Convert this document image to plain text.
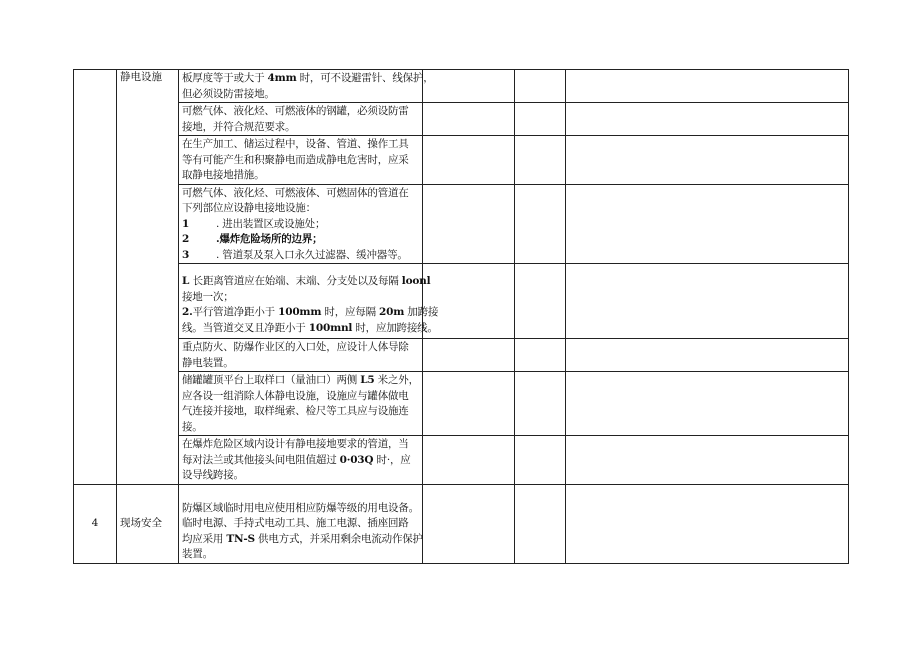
	静电设施	板厚度等于或大于 4mm 时，可不设避雷针、线保护，
但必须设防雷接地。			

		可燃气体、液化烃、可燃液体的钢罐，必须设防雷
接地，并符合规范要求。			

		在生产加工、储运过程中，设备、管道、操作工具
等有可能产生和积聚静电而造成静电危害时，应采
取静电接地措施。			

		可燃气体、液化烃、可燃液体、可燃固体的管道在
下列部位应设静电接地设施：
1 . 进出装置区或设施处；
2 .爆炸危险场所的边界；
3 . 管道泵及泵入口永久过滤器、缓冲器等。			

		L 长距离管道应在始端、末端、分支处以及每隔 loonl
接地一次；
2.平行管道净距小于 100mm 时，应每隔 20m 加跨接
线。当管道交叉且净距小于 100mnl 时，应加跨接线。			

		重点防火、防爆作业区的入口处，应设计人体导除
静电装置。			

		储罐罐顶平台上取样口（量油口）两侧 L5 米之外，
应各设一组消除人体静电设施，设施应与罐体做电
气连接并接地，取样绳索、检尺等工具应与设施连
接。			

		在爆炸危险区域内设计有静电接地要求的管道，当
每对法兰或其他接头间电阻值超过 0·03Q 时·，应
设导线跨接。			

4	现场安全	防爆区域临时用电应使用相应防爆等级的用电设备。
临时电源、手持式电动工具、施工电源、插座回路
均应采用 TN-S 供电方式，并采用剩余电流动作保护
装置。			
